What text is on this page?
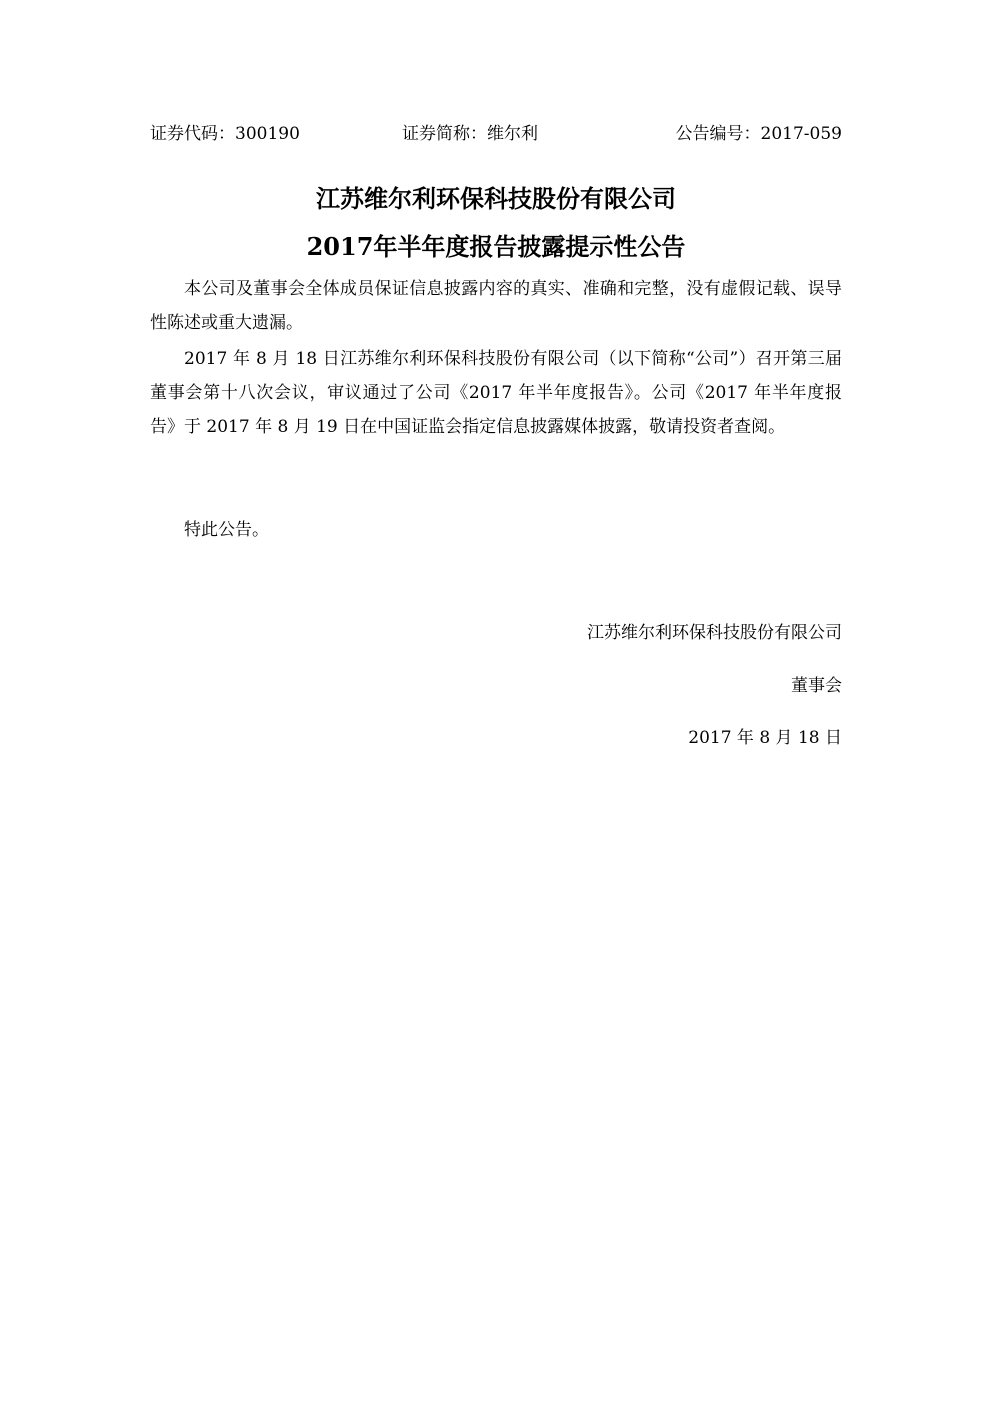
证券代码：300190	证券简称：维尔利	公告编号：2017-059
江苏维尔利环保科技股份有限公司
2017年半年度报告披露提示性公告
本公司及董事会全体成员保证信息披露内容的真实、准确和完整，没有虚假记载、误导性陈述或重大遗漏。
2017 年 8 月 18 日江苏维尔利环保科技股份有限公司（以下简称“公司”）召开第三届董事会第十八次会议，审议通过了公司《2017 年半年度报告》。公司《2017 年半年度报告》于 2017 年 8 月 19 日在中国证监会指定信息披露媒体披露，敬请投资者查阅。
特此公告。
江苏维尔利环保科技股份有限公司
董事会
2017 年 8 月 18 日
